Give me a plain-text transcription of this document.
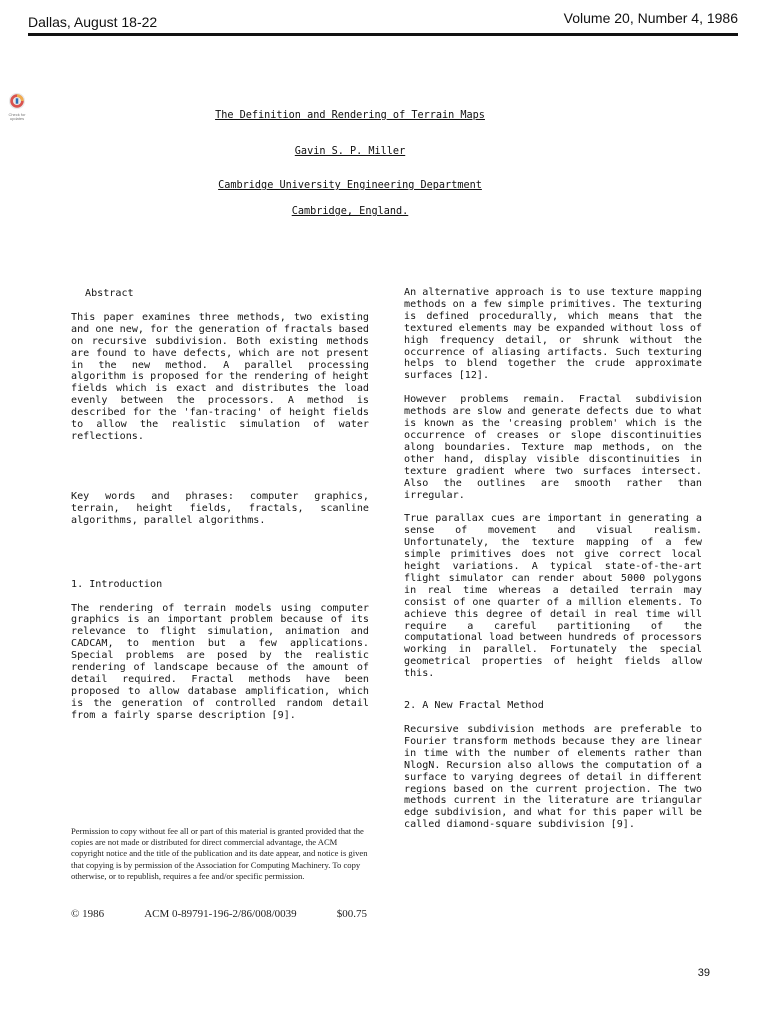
Dallas, August 18-22	Volume 20, Number 4, 1986
Check for
updates	The Definition and Rendering of Terrain Maps
Gavin S. P. Miller
Cambridge University Engineering Department
Cambridge, England.

Abstract

This paper examines three methods, two existing and one new, for the generation of fractals based on recursive subdivision. Both existing methods are found to have defects, which are not present in the new method. A parallel processing algorithm is proposed for the rendering of height fields which is exact and distributes the load evenly between the processors. A method is described for the 'fan-tracing' of height fields to allow the realistic simulation of water reflections.

Key words and phrases: computer graphics, terrain, height fields, fractals, scanline algorithms, parallel algorithms.

1. Introduction

The rendering of terrain models using computer graphics is an important problem because of its relevance to flight simulation, animation and CADCAM, to mention but a few applications. Special problems are posed by the realistic rendering of landscape because of the amount of detail required. Fractal methods have been proposed to allow database amplification, which is the generation of controlled random detail from a fairly sparse description [9].

An alternative approach is to use texture mapping methods on a few simple primitives. The texturing is defined procedurally, which means that the textured elements may be expanded without loss of high frequency detail, or shrunk without the occurrence of aliasing artifacts. Such texturing helps to blend together the crude approximate surfaces [12].

However problems remain. Fractal subdivision methods are slow and generate defects due to what is known as the 'creasing problem' which is the occurrence of creases or slope discontinuities along boundaries. Texture map methods, on the other hand, display visible discontinuities in texture gradient where two surfaces intersect. Also the outlines are smooth rather than irregular.

True parallax cues are important in generating a sense of movement and visual realism. Unfortunately, the texture mapping of a few simple primitives does not give correct local height variations. A typical state-of-the-art flight simulator can render about 5000 polygons in real time whereas a detailed terrain may consist of one quarter of a million elements. To achieve this degree of detail in real time will require a careful partitioning of the computational load between hundreds of processors working in parallel. Fortunately the special geometrical properties of height fields allow this.

2. A New Fractal Method

Recursive subdivision methods are preferable to Fourier transform methods because they are linear in time with the number of elements rather than NlogN. Recursion also allows the computation of a surface to varying degrees of detail in different regions based on the current projection. The two methods current in the literature are triangular edge subdivision, and what for this paper will be called diamond-square subdivision [9].

Permission to copy without fee all or part of this material is granted provided that the copies are not made or distributed for direct commercial advantage, the ACM copyright notice and the title of the publication and its date appear, and notice is given that copying is by permission of the Association for Computing Machinery. To copy otherwise, or to republish, requires a fee and/or specific permission.
© 1986	ACM 0-89791-196-2/86/008/0039	$00.75
39
